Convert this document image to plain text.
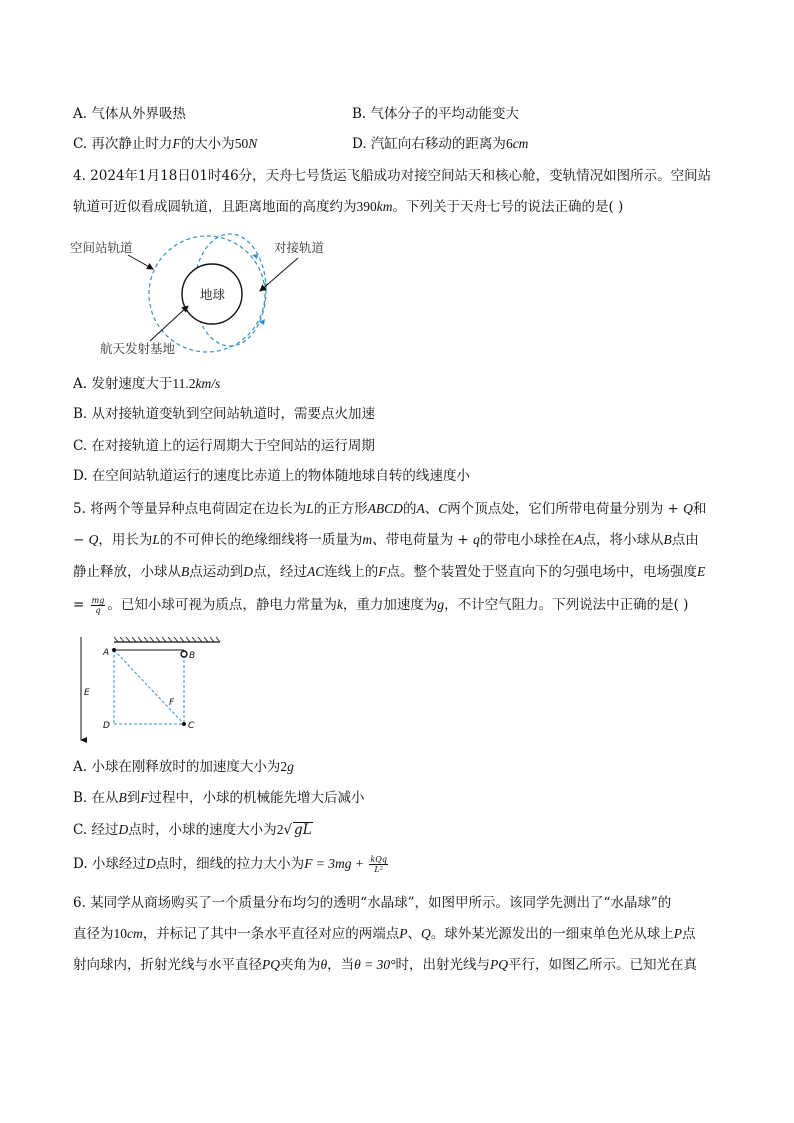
A. 气体从外界吸热	B. 气体分子的平均动能变大
C. 再次静止时力F的大小为50N	D. 汽缸向右移动的距离为6cm
4. 2024年1月18日01时46分，天舟七号货运飞船成功对接空间站天和核心舱，变轨情况如图所示。空间站
轨道可近似看成圆轨道，且距离地面的高度约为390km。下列关于天舟七号的说法正确的是( )
地球
空间站轨道	对接轨道
航天发射基地
A. 发射速度大于11.2km/s
B. 从对接轨道变轨到空间站轨道时，需要点火加速
C. 在对接轨道上的运行周期大于空间站的运行周期
D. 在空间站轨道运行的速度比赤道上的物体随地球自转的线速度小
5. 将两个等量异种点电荷固定在边长为L的正方形ABCD的A、C两个顶点处，它们所带电荷量分别为 + Q和
− Q，用长为L的不可伸长的绝缘细线将一质量为m、带电荷量为 + q的带电小球拴在A点，将小球从B点由
静止释放，小球从B点运动到D点，经过AC连线上的F点。整个装置处于竖直向下的匀强电场中，电场强度E
= $\frac{mg}{q}$ 。已知小球可视为质点，静电力常量为k，重力加速度为g，不计空气阻力。下列说法中正确的是( )
E
A	B
C
D
F
A. 小球在刚释放时的加速度大小为2g
B. 在从B到F过程中，小球的机械能先增大后减小
C. 经过D点时，小球的速度大小为2√ gL
D. 小球经过D点时，细线的拉力大小为$F = 3mg + \frac{\text{kQq}}{\text{L²}}$
6. 某同学从商场购买了一个质量分布均匀的透明“水晶球”，如图甲所示。该同学先测出了“水晶球”的
直径为10cm，并标记了其中一条水平直径对应的两端点P、Q。球外某光源发出的一细束单色光从球上P点
射向球内，折射光线与水平直径PQ夹角为θ，当θ = 30°时，出射光线与PQ平行，如图乙所示。已知光在真
